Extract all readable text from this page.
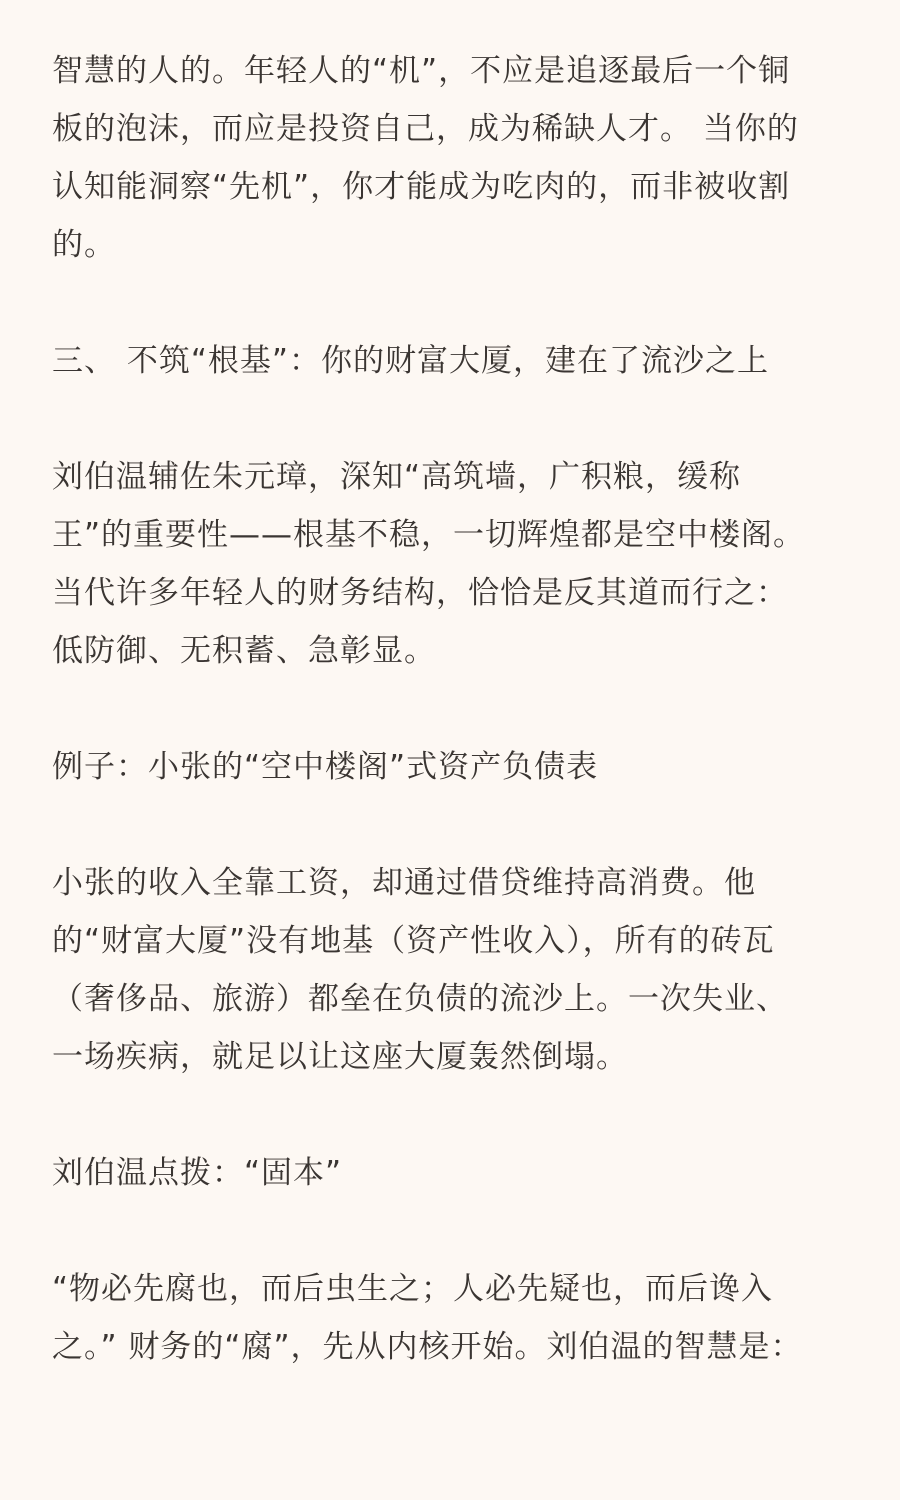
智慧的人的。年轻人的“机”，不应是追逐最后一个铜
板的泡沫，而应是投资自己，成为稀缺人才。 当你的
认知能洞察“先机”，你才能成为吃肉的，而非被收割
的。
三、 不筑“根基”：你的财富大厦，建在了流沙之上
刘伯温辅佐朱元璋，深知“高筑墙，广积粮，缓称
王”的重要性——根基不稳，一切辉煌都是空中楼阁。
当代许多年轻人的财务结构，恰恰是反其道而行之：
低防御、无积蓄、急彰显。
例子：小张的“空中楼阁”式资产负债表
小张的收入全靠工资，却通过借贷维持高消费。他
的“财富大厦”没有地基（资产性收入），所有的砖瓦
（奢侈品、旅游）都垒在负债的流沙上。一次失业、
一场疾病，就足以让这座大厦轰然倒塌。
刘伯温点拨：“固本”
“物必先腐也，而后虫生之；人必先疑也，而后谗入
之。” 财务的“腐”，先从内核开始。刘伯温的智慧是：
